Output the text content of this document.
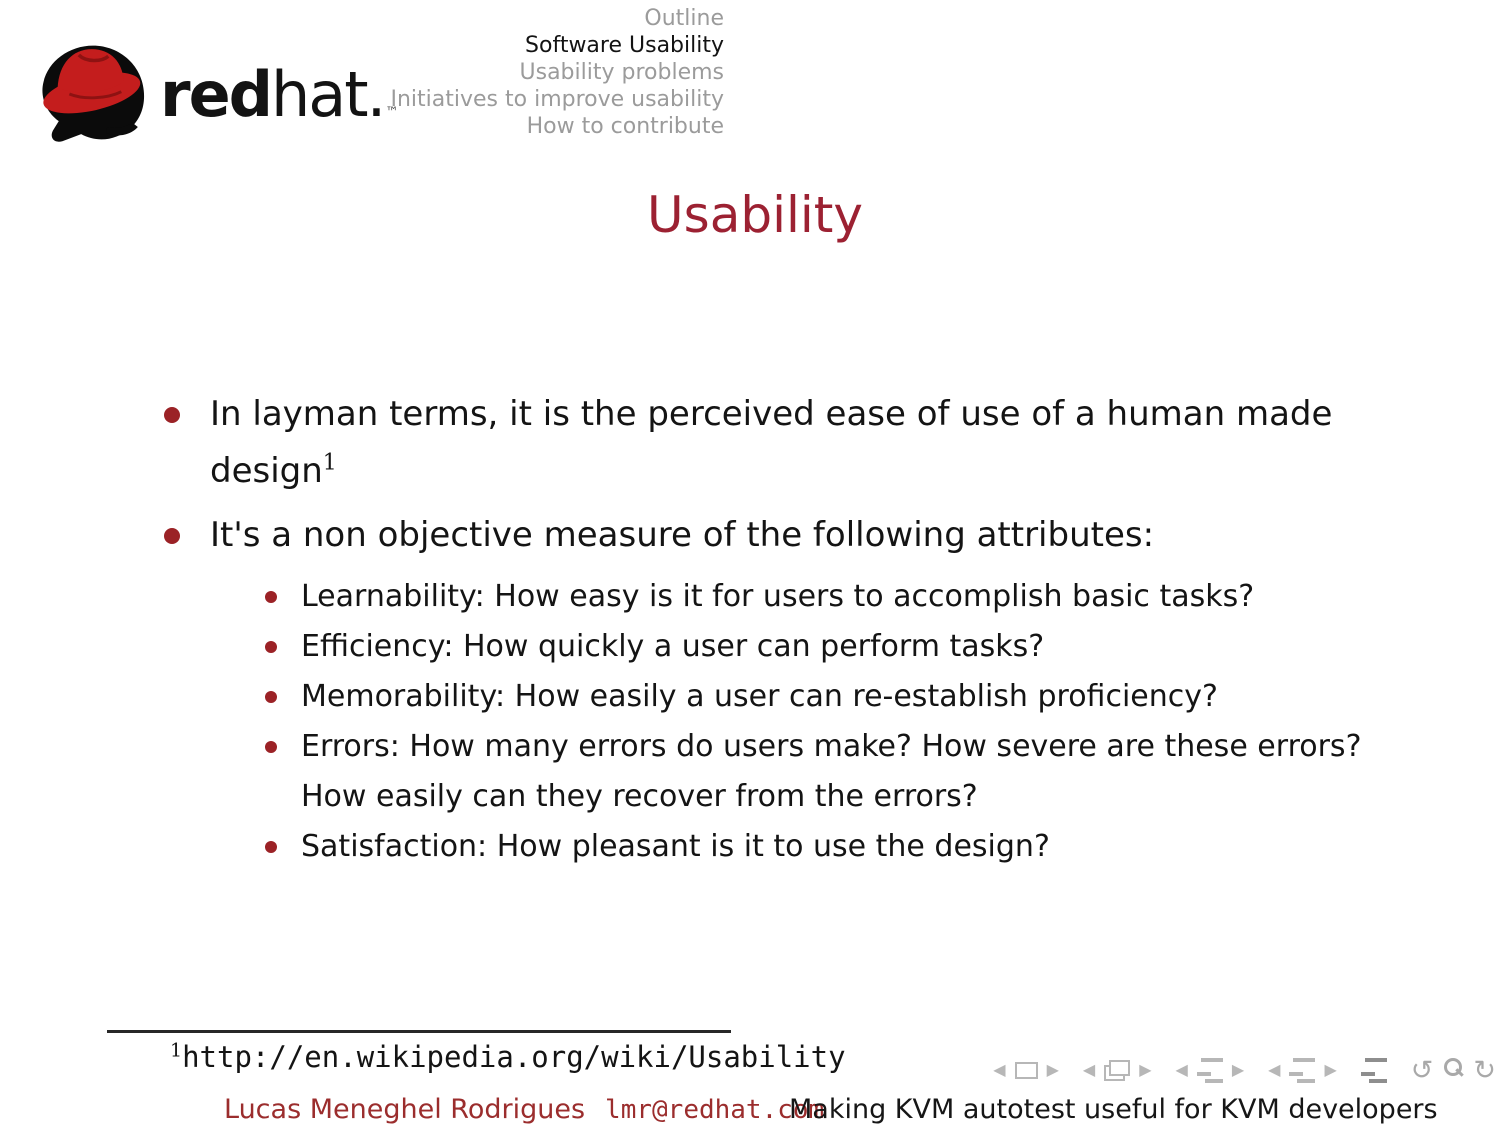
redhat.™
Outline
Software Usability
Usability problems
Initiatives to improve usability
How to contribute
Usability
In layman terms, it is the perceived ease of use of a human made design$^1$
It's a non objective measure of the following attributes:
Learnability: How easy is it for users to accomplish basic tasks?
Efficiency: How quickly a user can perform tasks?
Memorability: How easily a user can re-establish proficiency?
Errors: How many errors do users make? How severe are these errors? How easily can they recover from the errors?
Satisfaction: How pleasant is it to use the design?
$^1$http://en.wikipedia.org/wiki/Usability	◀	▶ ◀	▶ ◀	▶ ◀	▶	↺ ↻
Lucas Meneghel Rodrigues lmr@redhat.com
Making KVM autotest useful for KVM developers
